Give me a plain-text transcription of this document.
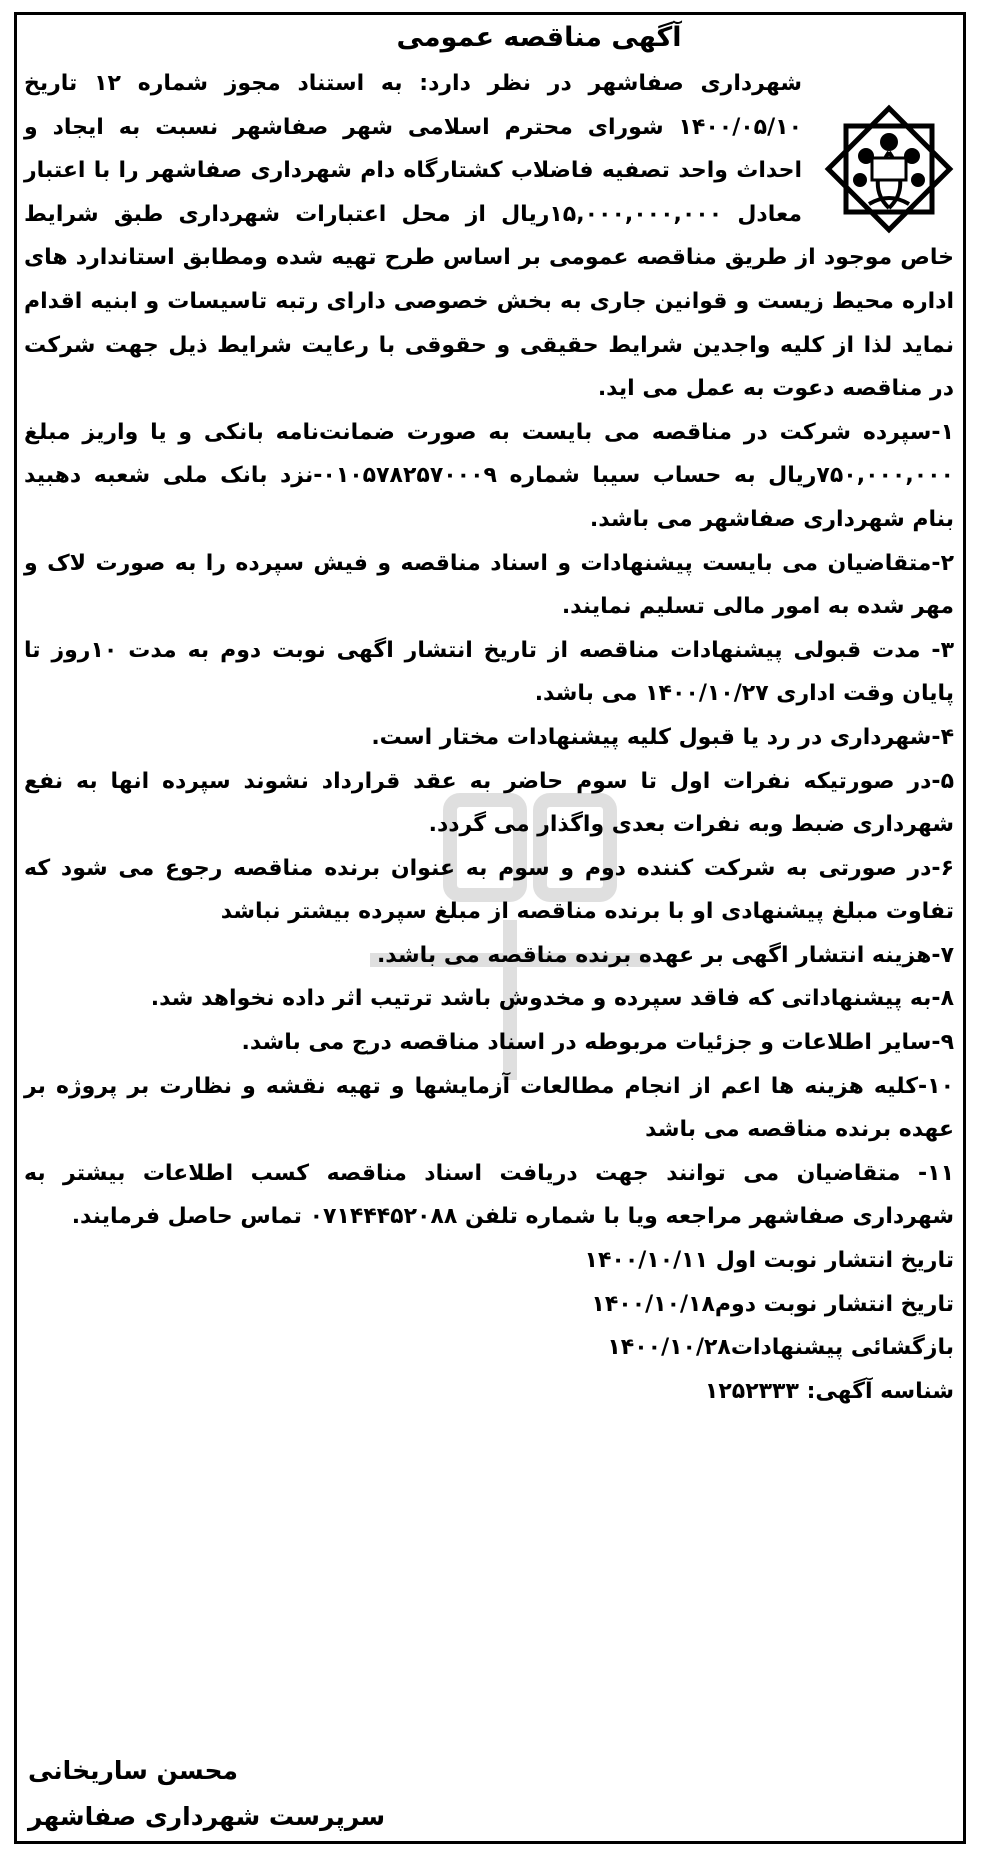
آگهی مناقصه عمومی

شهرداری صفاشهر در نظر دارد: به استناد مجوز شماره ۱۲ تاریخ ۱۴۰۰/۰۵/۱۰ شورای محترم اسلامی شهر صفاشهر نسبت به ایجاد و احداث واحد تصفیه فاضلاب کشتارگاه دام شهرداری صفاشهر را با اعتبار معادل ۱۵,۰۰۰,۰۰۰,۰۰۰ریال از محل اعتبارات شهرداری طبق شرایط خاص موجود از طریق مناقصه عمومی بر اساس طرح تهیه شده ومطابق استاندارد های اداره محیط زیست و قوانین جاری به بخش خصوصی دارای رتبه تاسیسات و ابنیه اقدام نماید لذا از کلیه واجدین شرایط حقیقی و حقوقی با رعایت شرایط ذیل جهت شرکت در مناقصه دعوت به عمل می اید.

۱-سپرده شرکت در مناقصه می بایست به صورت ضمانت‌نامه بانکی و یا واریز مبلغ ۷۵۰,۰۰۰,۰۰۰ریال به حساب سیبا شماره ۰۱۰۵۷۸۲۵۷۰۰۰۹-نزد بانک ملی شعبه دهبید بنام شهرداری صفاشهر می باشد.

۲-متقاضیان می بایست پیشنهادات و اسناد مناقصه و فیش سپرده را به صورت لاک و مهر شده به امور مالی تسلیم نمایند.

۳- مدت قبولی پیشنهادات مناقصه از تاریخ انتشار اگهی نوبت دوم به مدت ۱۰روز تا پایان وقت اداری ۱۴۰۰/۱۰/۲۷ می باشد.

۴-شهرداری در رد یا قبول کلیه پیشنهادات مختار است.

۵-در صورتیکه نفرات اول تا سوم حاضر به عقد قرارداد نشوند سپرده انها به نفع شهرداری ضبط وبه نفرات بعدی واگذار می گردد.

۶-در صورتی به شرکت کننده دوم و سوم به عنوان برنده مناقصه رجوع می شود که تفاوت مبلغ پیشنهادی او با برنده مناقصه از مبلغ سپرده بیشتر نباشد

۷-هزینه انتشار اگهی بر عهده برنده مناقصه می باشد.

۸-به پیشنهاداتی که فاقد سپرده و مخدوش باشد ترتیب اثر داده نخواهد شد.

۹-سایر اطلاعات و جزئیات مربوطه در اسناد مناقصه درج می باشد.

۱۰-کلیه هزینه ها اعم از انجام مطالعات آزمایشها و تهیه نقشه و نظارت بر پروژه بر عهده برنده مناقصه می باشد

۱۱- متقاضیان می توانند جهت دریافت اسناد مناقصه کسب اطلاعات بیشتر به شهرداری صفاشهر مراجعه ویا با شماره تلفن ۰۷۱۴۴۴۵۲۰۸۸ تماس حاصل فرمایند.

تاریخ انتشار نوبت اول ۱۴۰۰/۱۰/۱۱

تاریخ انتشار نوبت دوم۱۴۰۰/۱۰/۱۸

بازگشائی پیشنهادات۱۴۰۰/۱۰/۲۸

شناسه آگهی: ۱۲۵۲۳۳۳

محسن ساریخانی

سرپرست شهرداری صفاشهر
